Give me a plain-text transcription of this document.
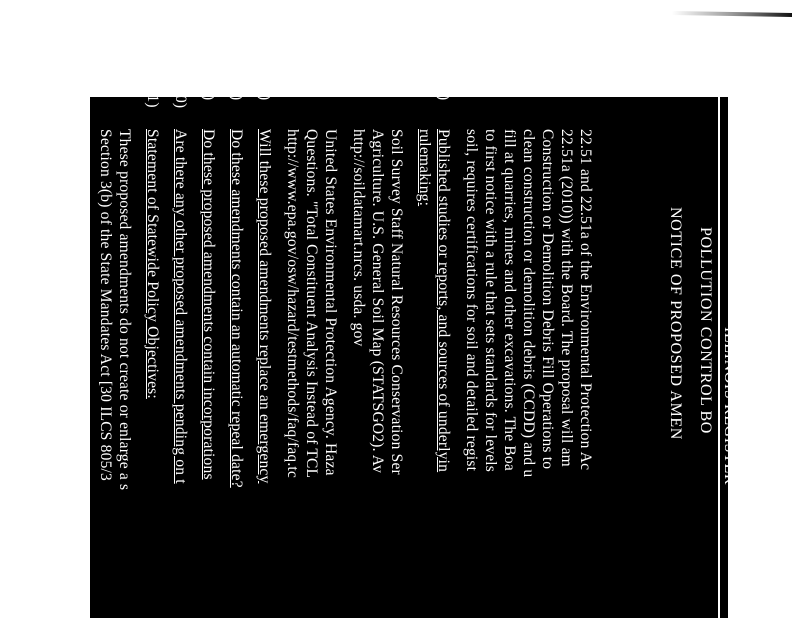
ILLINOIS REGISTER
POLLUTION CONTROL BO
NOTICE OF PROPOSED AMEN
22.51 and 22.51a of the Environmental Protection Ac
22.51a (2010)) with the Board. The proposal will am
Construction or Demolition Debris Fill Operations to
clean construction or demolition debris (CCDD) and u
fill at quarries, mines and other excavations. The Boa
to first notice with a rule that sets standards for levels
soil, requires certifications for soil and detailed regist
6)
Published studies or reports, and sources of underlyin
rulemaking:
Soil Survey Staff Natural Resources Conservation Ser
Agriculture. U.S. General Soil Map (STATSGO2). Av
http://soildatamart.nrcs. usda. gov
United States Environmental Protection Agency. Haza
Questions. "Total Constituent Analysis Instead of TCL
http://www.epa.gov/osw/hazard/testmethods/faq/faq.tc
7)
Will these proposed amendments replace an emergency
8)
Do these amendments contain an automatic repeal date?
9)
Do these proposed amendments contain incorporations
10)
Are there any other proposed amendments pending on t
11)
Statement of Statewide Policy Objectives:
These proposed amendments do not create or enlarge a s
Section 3(b) of the State Mandates Act [30 ILCS 805/3
12)
Time, Place, and Manner in which interested persons ma
amendment:
The Board will accept written public comments on this p
after the date of publication in the Illinois Register. Com
